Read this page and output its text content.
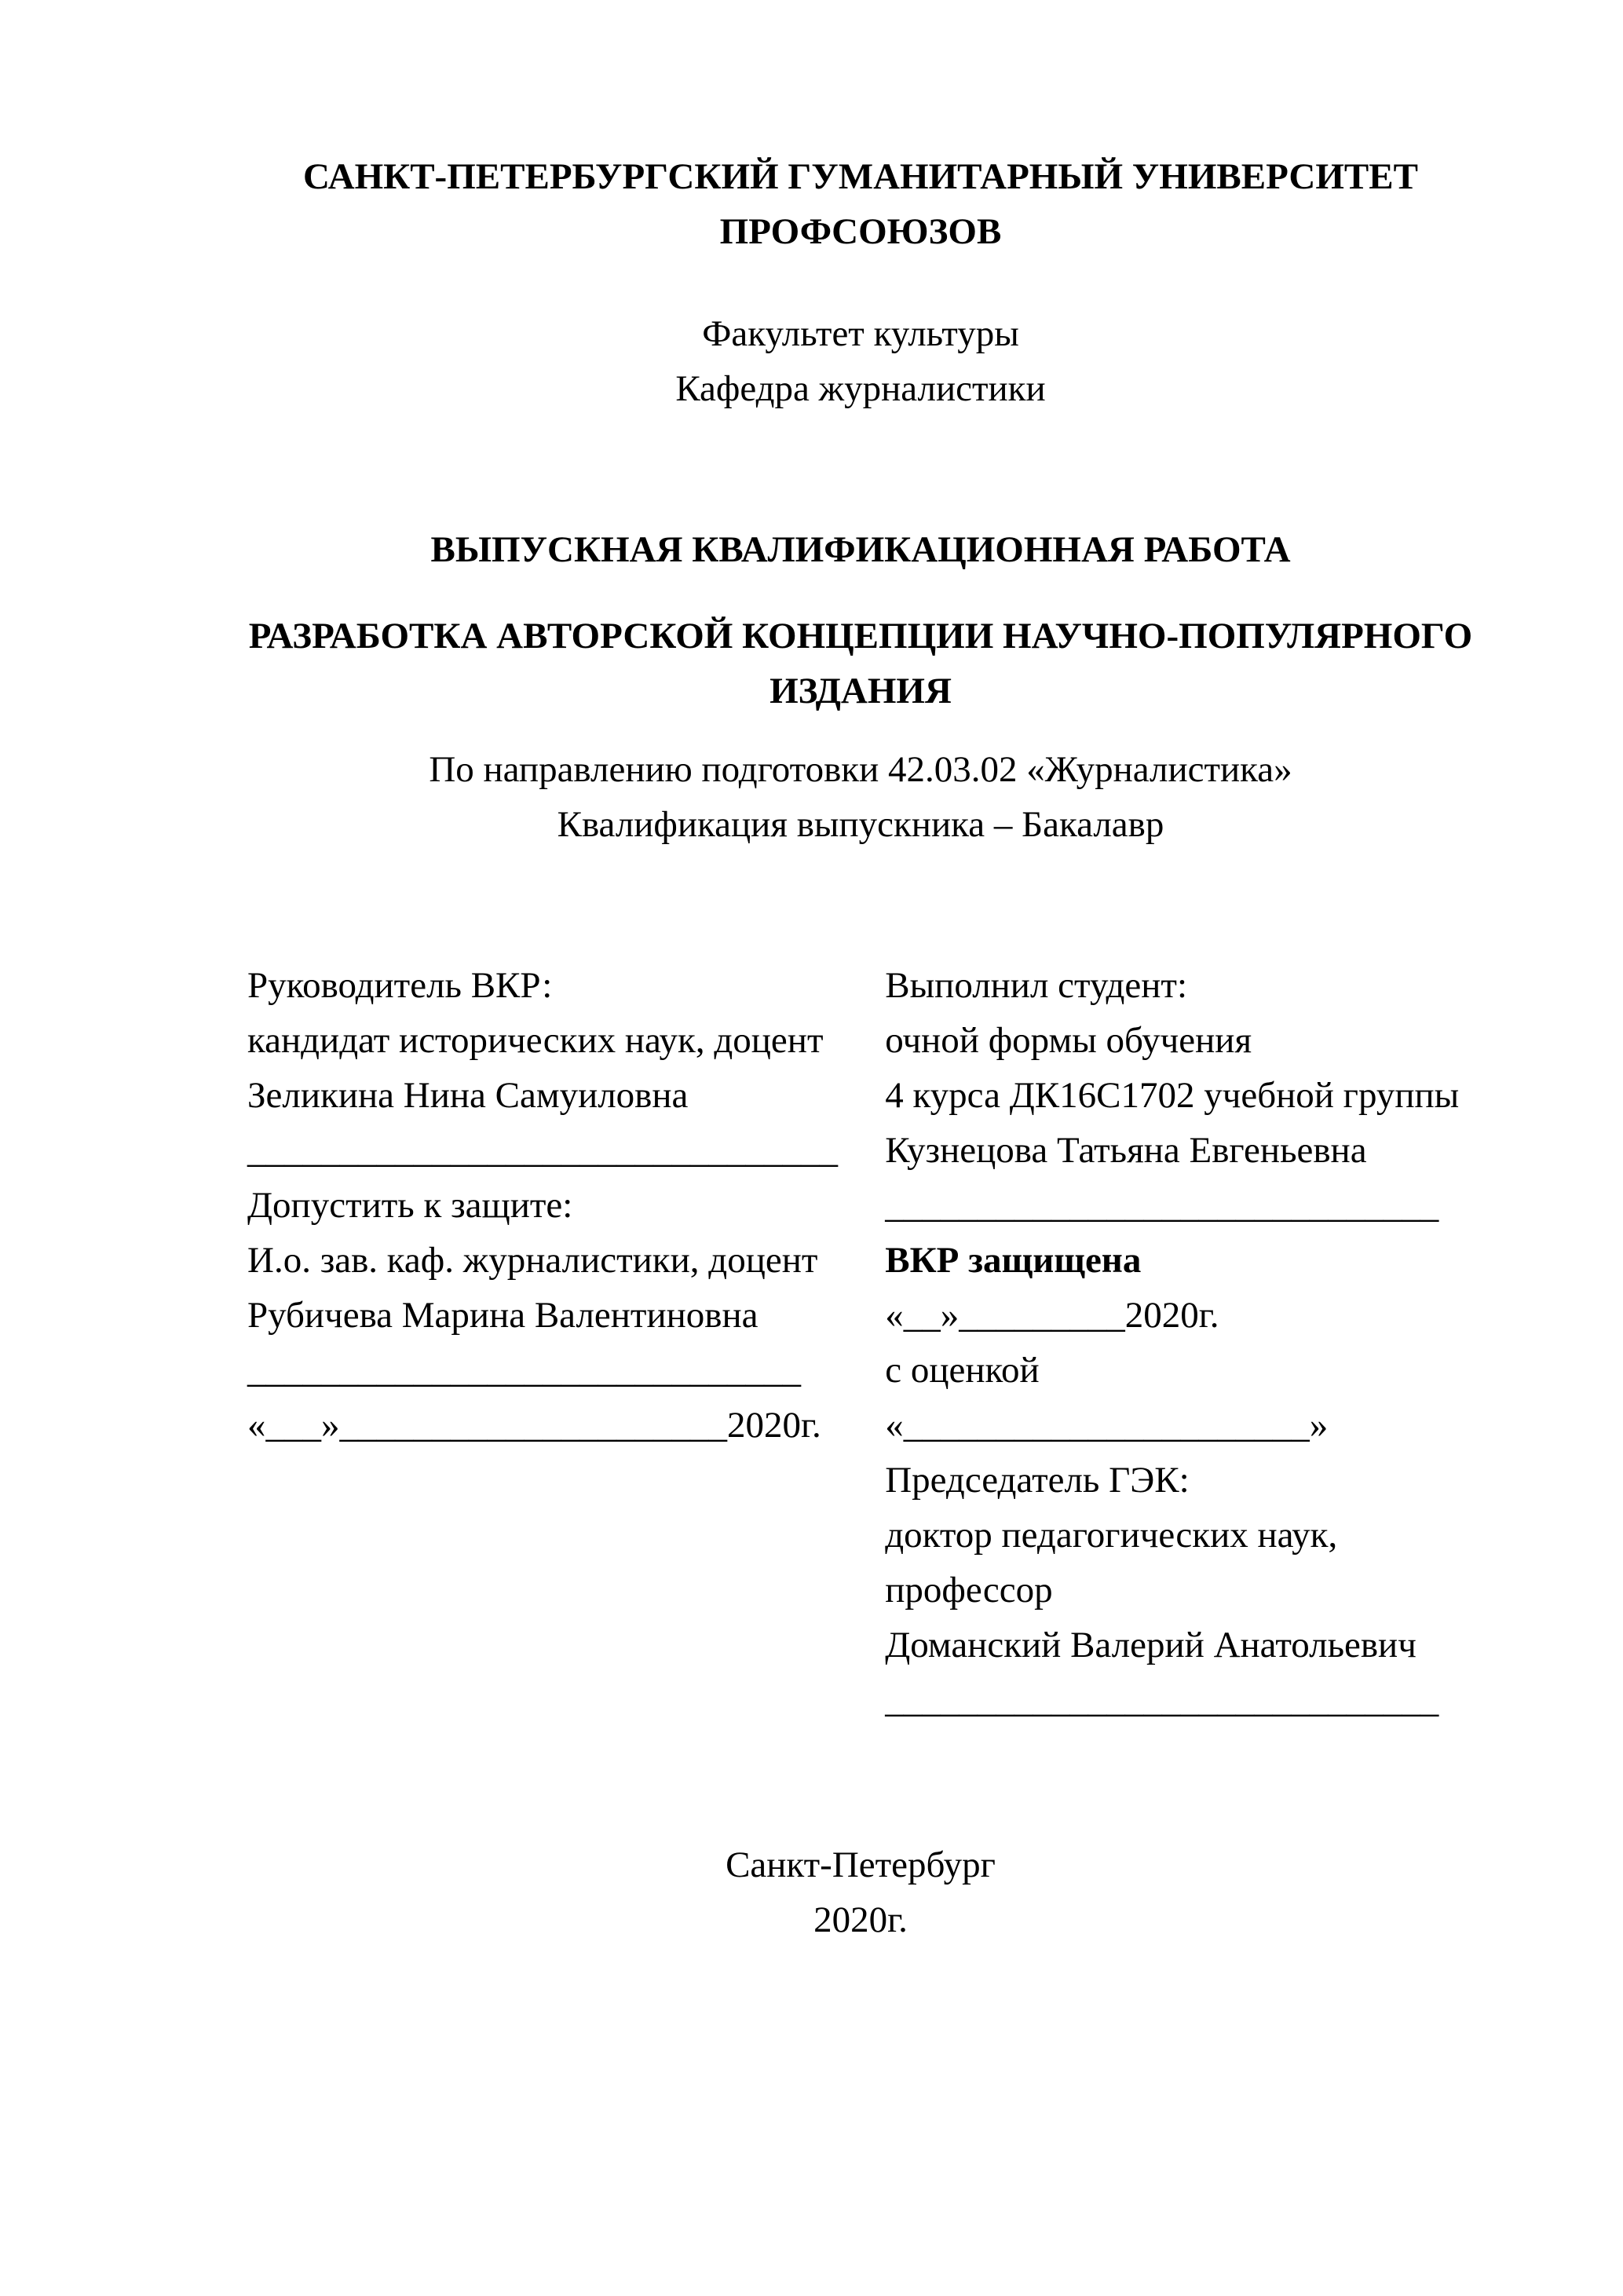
САНКТ-ПЕТЕРБУРГСКИЙ ГУМАНИТАРНЫЙ УНИВЕРСИТЕТ ПРОФСОЮЗОВ
Факультет культуры
Кафедра журналистики
ВЫПУСКНАЯ КВАЛИФИКАЦИОННАЯ РАБОТА
РАЗРАБОТКА АВТОРСКОЙ КОНЦЕПЦИИ НАУЧНО-ПОПУЛЯРНОГО ИЗДАНИЯ
По направлению подготовки 42.03.02 «Журналистика»
Квалификация выпускника – Бакалавр

Руководитель ВКР:

кандидат исторических наук, доцент

Зеликина Нина Самуиловна

________________________________

Допустить к защите:

И.о. зав. каф. журналистики, доцент

Рубичева Марина Валентиновна

______________________________

«___»_____________________2020г.

Выполнил студент:

очной формы обучения

4 курса ДК16С1702 учебной группы

Кузнецова Татьяна Евгеньевна

______________________________

ВКР защищена

«__»_________2020г.

с оценкой

«______________________»

Председатель ГЭК:

доктор педагогических наук,

профессор

Доманский Валерий Анатольевич

______________________________

Санкт-Петербург
2020г.
